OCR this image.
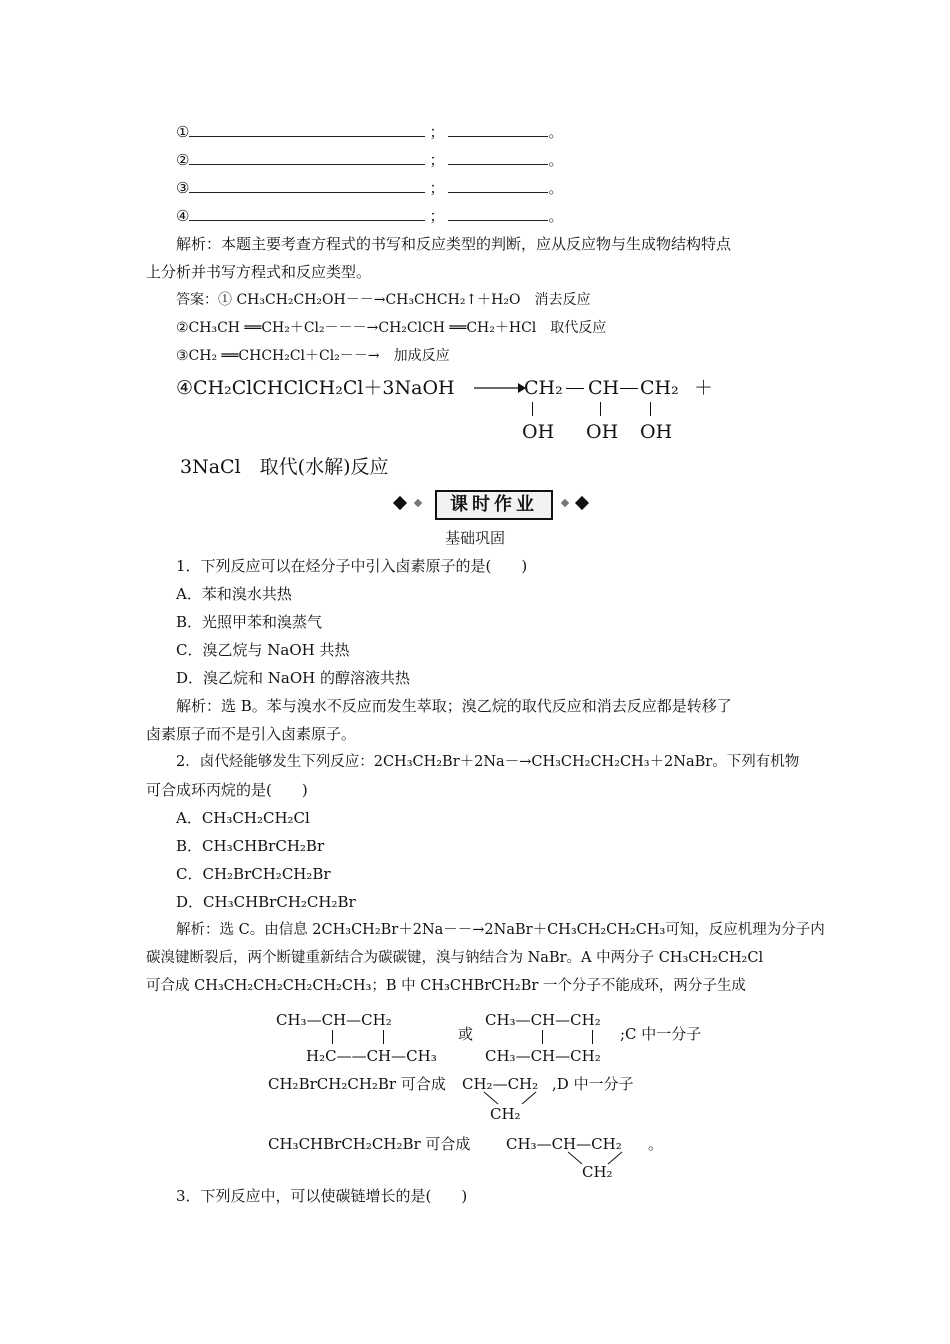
①	；	。
②	；	。
③	；	。
④	；	。
解析：本题主要考查方程式的书写和反应类型的判断，应从反应物与生成物结构特点
上分析并书写方程式和反应类型。
答案：① CH₃CH₂CH₂OH－－→CH₃CHCH₂↑＋H₂O　消去反应
②CH₃CH ══CH₂＋Cl₂－－－→CH₂ClCH ══CH₂＋HCl　取代反应
③CH₂ ══CHCH₂Cl＋Cl₂－－→　加成反应
④CH₂ClCHClCH₂Cl＋3NaOH →
CH₂ CH CH₂ ＋
OH OH OH
3NaCl　取代(水解)反应
课时作业
基础巩固
1．下列反应可以在烃分子中引入卤素原子的是(　　)
A．苯和溴水共热
B．光照甲苯和溴蒸气
C．溴乙烷与 NaOH 共热
D．溴乙烷和 NaOH 的醇溶液共热
解析：选 B。苯与溴水不反应而发生萃取；溴乙烷的取代反应和消去反应都是转移了
卤素原子而不是引入卤素原子。
2．卤代烃能够发生下列反应：2CH₃CH₂Br＋2Na－→CH₃CH₂CH₂CH₃＋2NaBr。下列有机物
可合成环丙烷的是(　　)
A．CH₃CH₂CH₂Cl
B．CH₃CHBrCH₂Br
C．CH₂BrCH₂CH₂Br
D．CH₃CHBrCH₂CH₂Br
解析：选 C。由信息 2CH₃CH₂Br＋2Na－－→2NaBr＋CH₃CH₂CH₂CH₃可知，反应机理为分子内
碳溴键断裂后，两个断键重新结合为碳碳键，溴与钠结合为 NaBr。A 中两分子 CH₃CH₂CH₂Cl
可合成 CH₃CH₂CH₂CH₂CH₂CH₃；B 中 CH₃CHBrCH₂Br 一个分子不能成环，两分子生成
CH₃—CH—CH₂
H₂C——CH—CH₃
或
CH₃—CH—CH₂
CH₃—CH—CH₂
;C 中一分子
CH₂BrCH₂CH₂Br 可合成 CH₂—CH₂
CH₂
,D 中一分子
CH₃CHBrCH₂CH₂Br 可合成 CH₃—CH—CH₂
CH₂
。
3．下列反应中，可以使碳链增长的是(　　)
